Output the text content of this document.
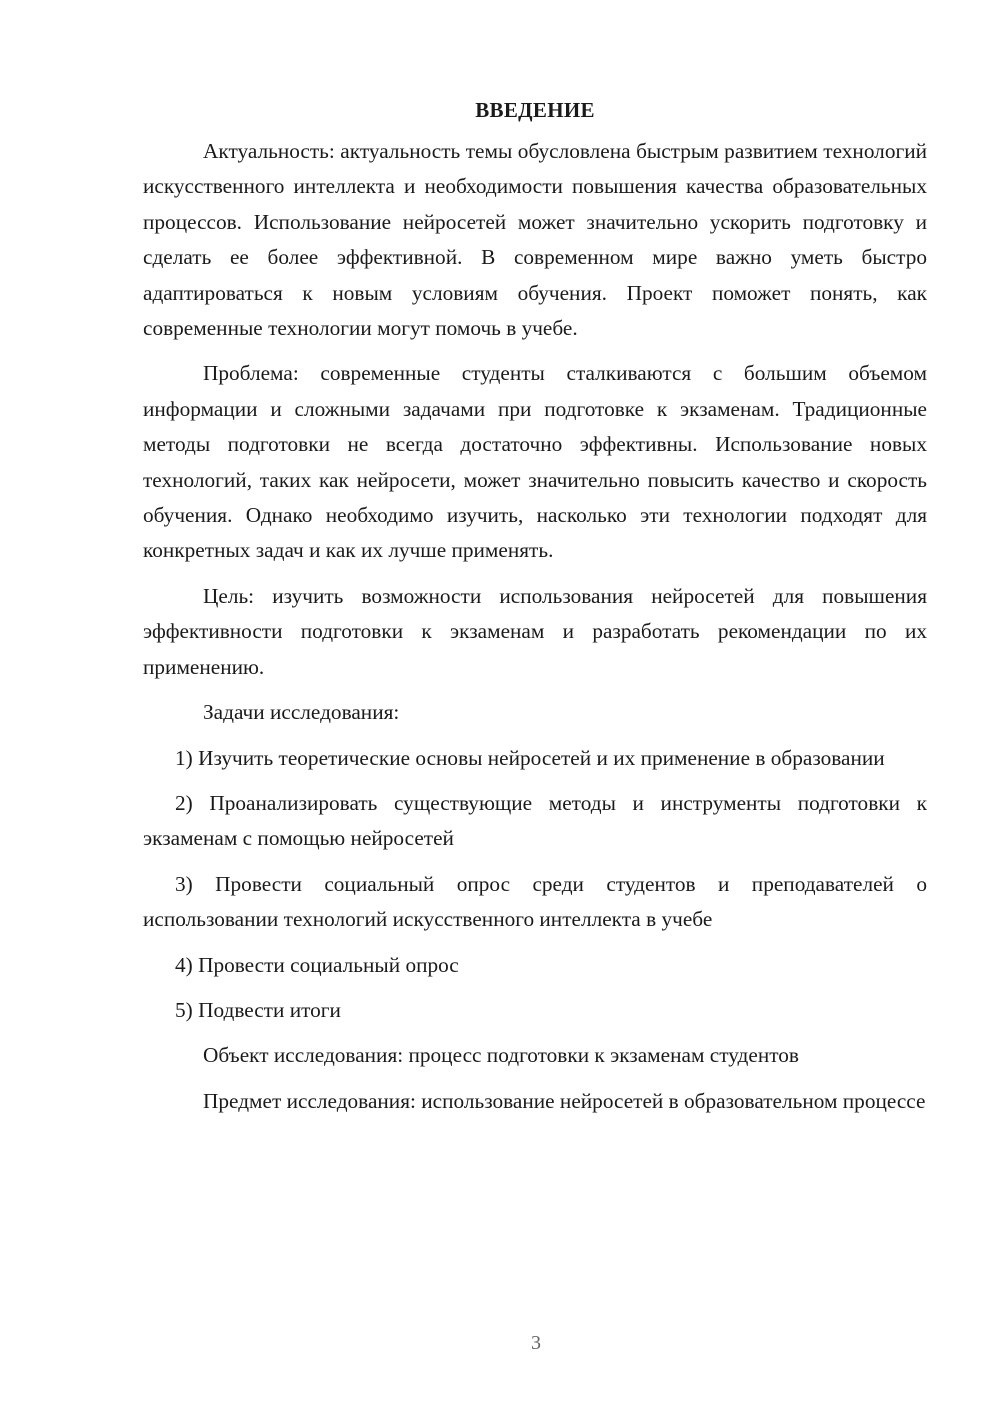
ВВЕДЕНИЕ

Актуальность: актуальность темы обусловлена быстрым развитием технологий искусственного интеллекта и необходимости повышения качества образовательных процессов. Использование нейросетей может значительно ускорить подготовку и сделать ее более эффективной. В современном мире важно уметь быстро адаптироваться к новым условиям обучения. Проект поможет понять, как современные технологии могут помочь в учебе.

Проблема: современные студенты сталкиваются с большим объемом информации и сложными задачами при подготовке к экзаменам. Традиционные методы подготовки не всегда достаточно эффективны. Использование новых технологий, таких как нейросети, может значительно повысить качество и скорость обучения. Однако необходимо изучить, насколько эти технологии подходят для конкретных задач и как их лучше применять.

Цель: изучить возможности использования нейросетей для повышения эффективности подготовки к экзаменам и разработать рекомендации по их применению.

Задачи исследования:

1) Изучить теоретические основы нейросетей и их применение в образовании

2) Проанализировать существующие методы и инструменты подготовки к экзаменам с помощью нейросетей

3) Провести социальный опрос среди студентов и преподавателей о использовании технологий искусственного интеллекта в учебе

4) Провести социальный опрос

5) Подвести итоги

Объект исследования: процесс подготовки к экзаменам студентов

Предмет исследования: использование нейросетей в образовательном процессе

3
